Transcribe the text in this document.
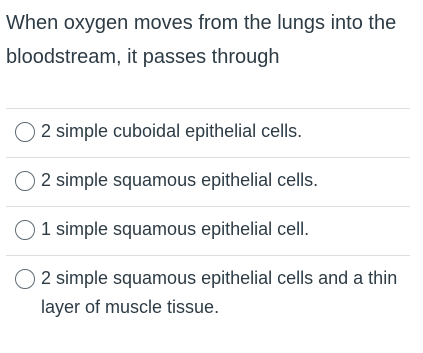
When oxygen moves from the lungs into the bloodstream, it passes through

2 simple cuboidal epithelial cells.
2 simple squamous epithelial cells.
1 simple squamous epithelial cell.
2 simple squamous epithelial cells and a thin layer of muscle tissue.
